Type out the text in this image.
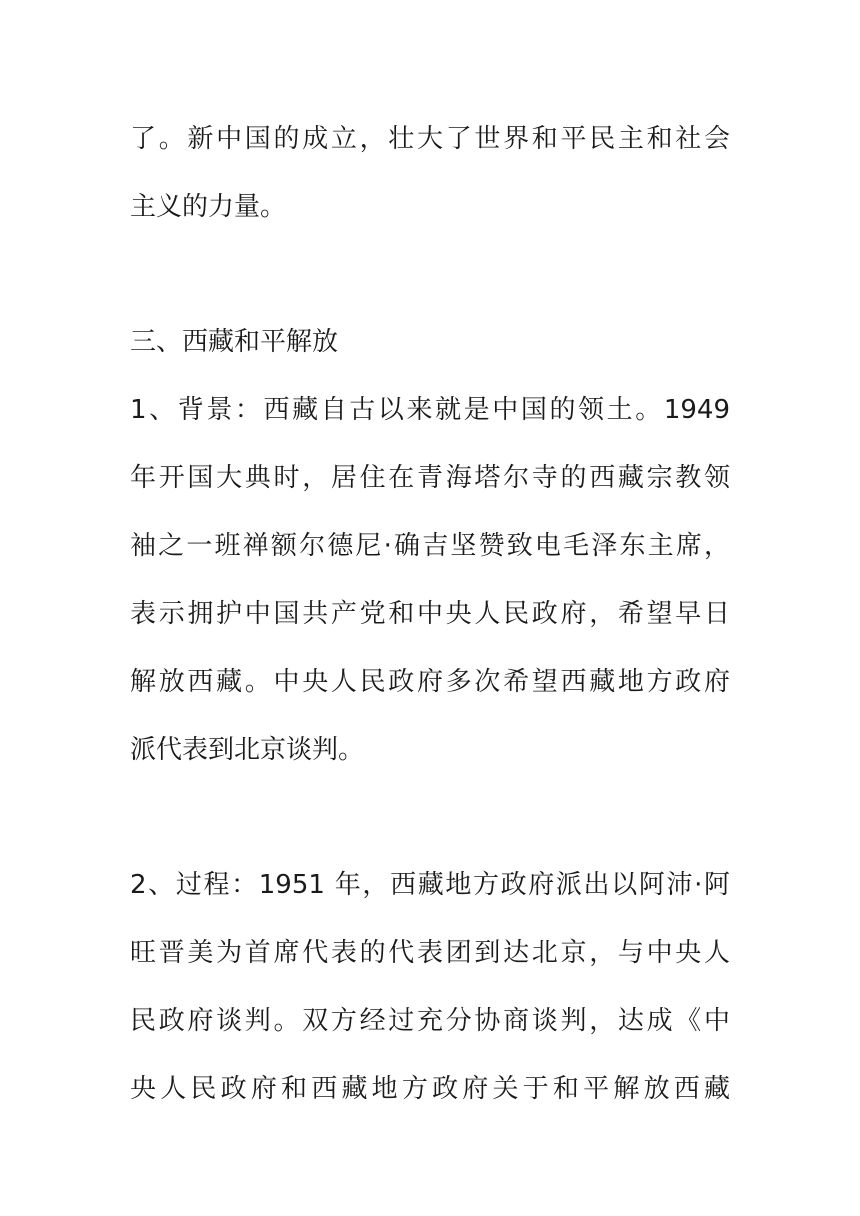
了。新中国的成立，壮大了世界和平民主和社会
主义的力量。
三、西藏和平解放
1、背景：西藏自古以来就是中国的领土。1949
年开国大典时，居住在青海塔尔寺的西藏宗教领
袖之一班禅额尔德尼·确吉坚赞致电毛泽东主席，
表示拥护中国共产党和中央人民政府，希望早日
解放西藏。中央人民政府多次希望西藏地方政府
派代表到北京谈判。
2、过程：1951 年，西藏地方政府派出以阿沛·阿
旺晋美为首席代表的代表团到达北京，与中央人
民政府谈判。双方经过充分协商谈判，达成《中
央人民政府和西藏地方政府关于和平解放西藏
